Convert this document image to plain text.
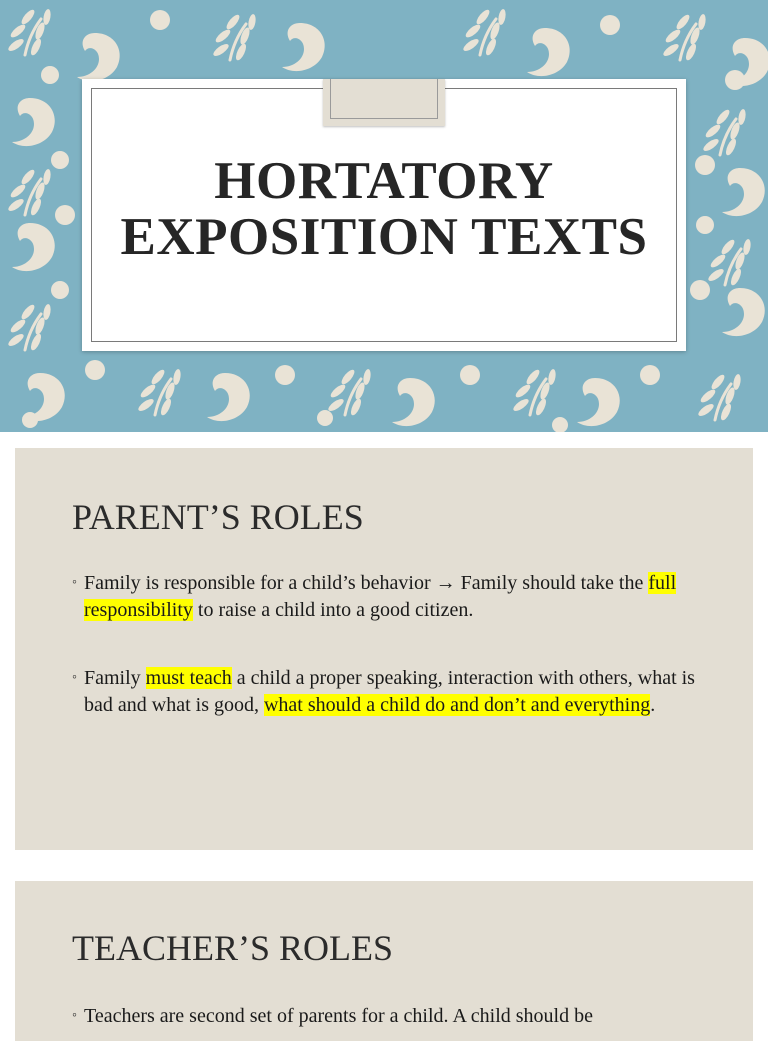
HORTATORY EXPOSITION TEXTS
PARENT’S ROLES
◦ Family is responsible for a child’s behavior → Family should take the full responsibility to raise a child into a good citizen.
◦ Family must teach a child a proper speaking, interaction with others, what is bad and what is good, what should a child do and don’t and everything.
TEACHER’S ROLES
◦ Teachers are second set of parents for a child. A child should be
